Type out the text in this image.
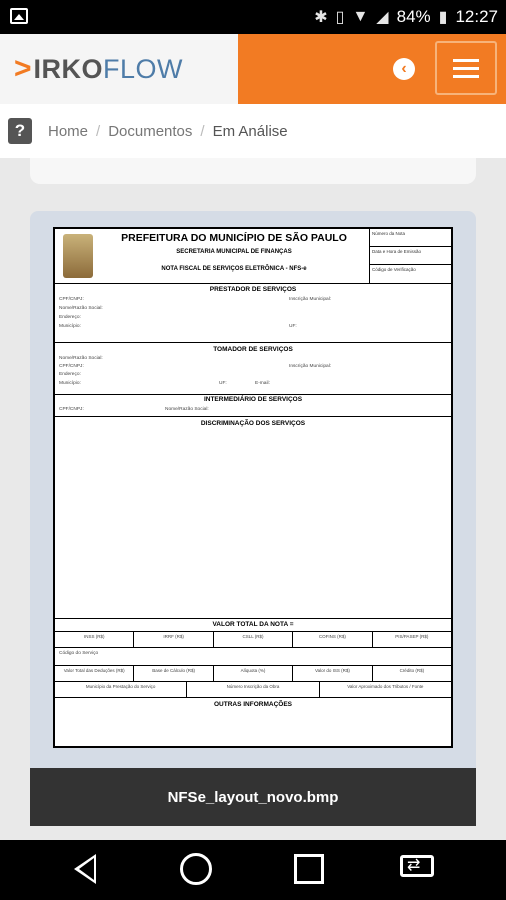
✱ ▯ ▼ ◢ 84% ▮ 12:27
> IRKO FLOW	‹
?	Home / Documentos / Em Análise
PREFEITURA DO MUNICÍPIO DE SÃO PAULO
SECRETARIA MUNICIPAL DE FINANÇAS
NOTA FISCAL DE SERVIÇOS ELETRÔNICA - NFS-e
Número da Nota
Data e Hora de Emissão
Código de Verificação
PRESTADOR DE SERVIÇOS
CPF/CNPJ:	Inscrição Municipal:
Nome/Razão Social:
Endereço:
Município:	UF:
TOMADOR DE SERVIÇOS
Nome/Razão Social:
CPF/CNPJ:	Inscrição Municipal:
Endereço:
Município:	UF:	E-mail:
INTERMEDIÁRIO DE SERVIÇOS
CPF/CNPJ:	Nome/Razão Social:
DISCRIMINAÇÃO DOS SERVIÇOS
VALOR TOTAL DA NOTA =
INSS (R$)	IRRF (R$)	CSLL (R$)	COFINS (R$)	PIS/PASEP (R$)
Código do Serviço
Valor Total das Deduções (R$)	Base de Cálculo (R$)	Alíquota (%)	Valor do ISS (R$)	Crédito (R$)
Município da Prestação do Serviço	Número Inscrição da Obra	Valor Aproximado dos Tributos / Fonte
OUTRAS INFORMAÇÕES
NFSe_layout_novo.bmp
⇄
